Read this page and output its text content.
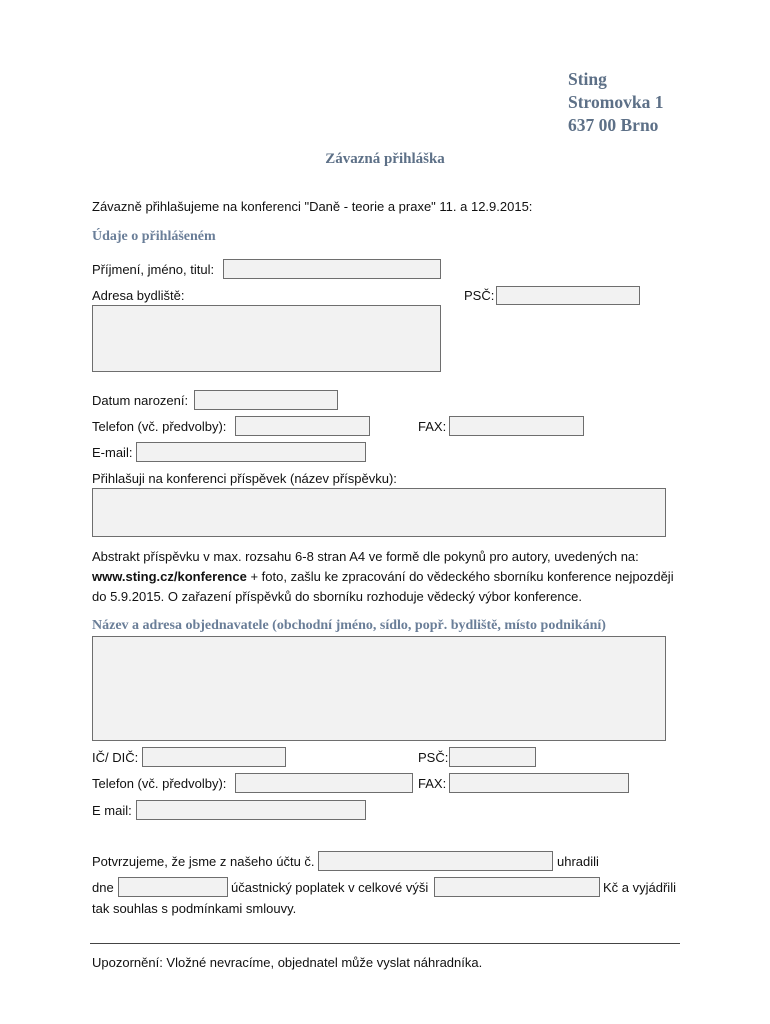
Sting
Stromovka 1
637 00 Brno
Závazná přihláška
Závazně přihlašujeme na konferenci "Daně - teorie a praxe" 11. a 12.9.2015:
Údaje o přihlášeném
Příjmení, jméno, titul:
Adresa bydliště:	PSČ:
Datum narození:
Telefon (vč. předvolby):	FAX:
E-mail:
Přihlašuji na konferenci příspěvek (název příspěvku):
Abstrakt příspěvku v max. rozsahu 6-8 stran A4 ve formě dle pokynů pro autory, uvedených na:
www.sting.cz/konference + foto, zašlu ke zpracování do vědeckého sborníku konference nejpozději
do 5.9.2015. O zařazení příspěvků do sborníku rozhoduje vědecký výbor konference.
Název a adresa objednavatele (obchodní jméno, sídlo, popř. bydliště, místo podnikání)
IČ/ DIČ:	PSČ:
Telefon (vč. předvolby):	FAX:
E mail:
Potvrzujeme, že jsme z našeho účtu č.	uhradili
dne	účastnický poplatek v celkové výši	Kč a vyjádřili
tak souhlas s podmínkami smlouvy.
Upozornění: Vložné nevracíme, objednatel může vyslat náhradníka.
